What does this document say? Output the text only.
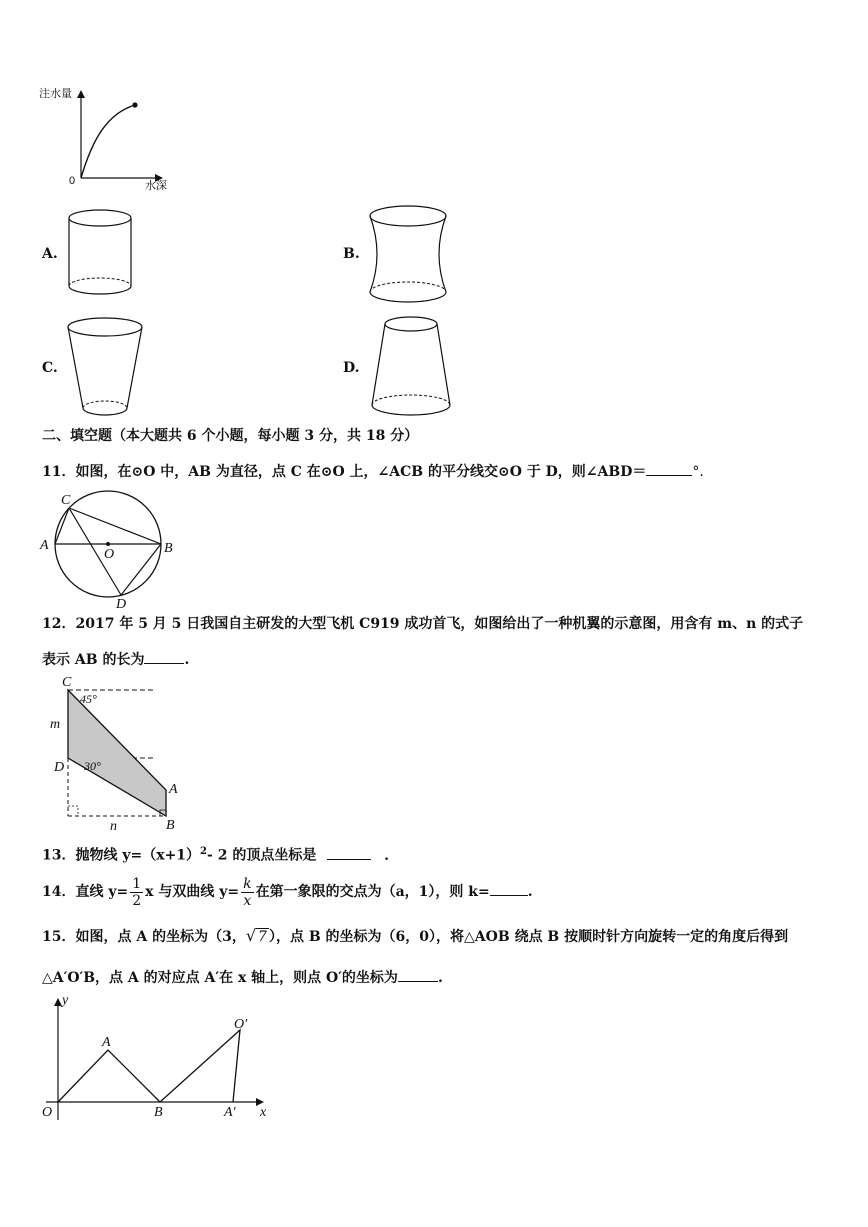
注水量
水深
0
A.	B.
C.	D.
二、填空题（本大题共 6 个小题，每小题 3 分，共 18 分）
11．如图，在⊙O 中，AB 为直径，点 C 在⊙O 上，∠ACB 的平分线交⊙O 于 D，则∠ABD＝	°.
C
A
O	B
D
12．2017 年 5 月 5 日我国自主研发的大型飞机 C919 成功首飞，如图给出了一种机翼的示意图，用含有 m、n 的式子
表示 AB 的长为	.
C
m
D
A
B
n
45°
30°
13．抛物线 $y=(x+1)^2-$ 2 的顶点坐标是	.
14．直线 $y= \frac{1}{2}$ x 与双曲线 $y= \frac{k}{x}$ 在第一象限的交点为（a，1），则 k=	.
15．如图，点 A 的坐标为（3，√ 7 ），点 B 的坐标为（6，0），将△AOB 绕点 B 按顺时针方向旋转一定的角度后得到
△A′O′B，点 A 的对应点 A′在 x 轴上，则点 O′的坐标为	.
y
A
O′
O	B	A′ x
